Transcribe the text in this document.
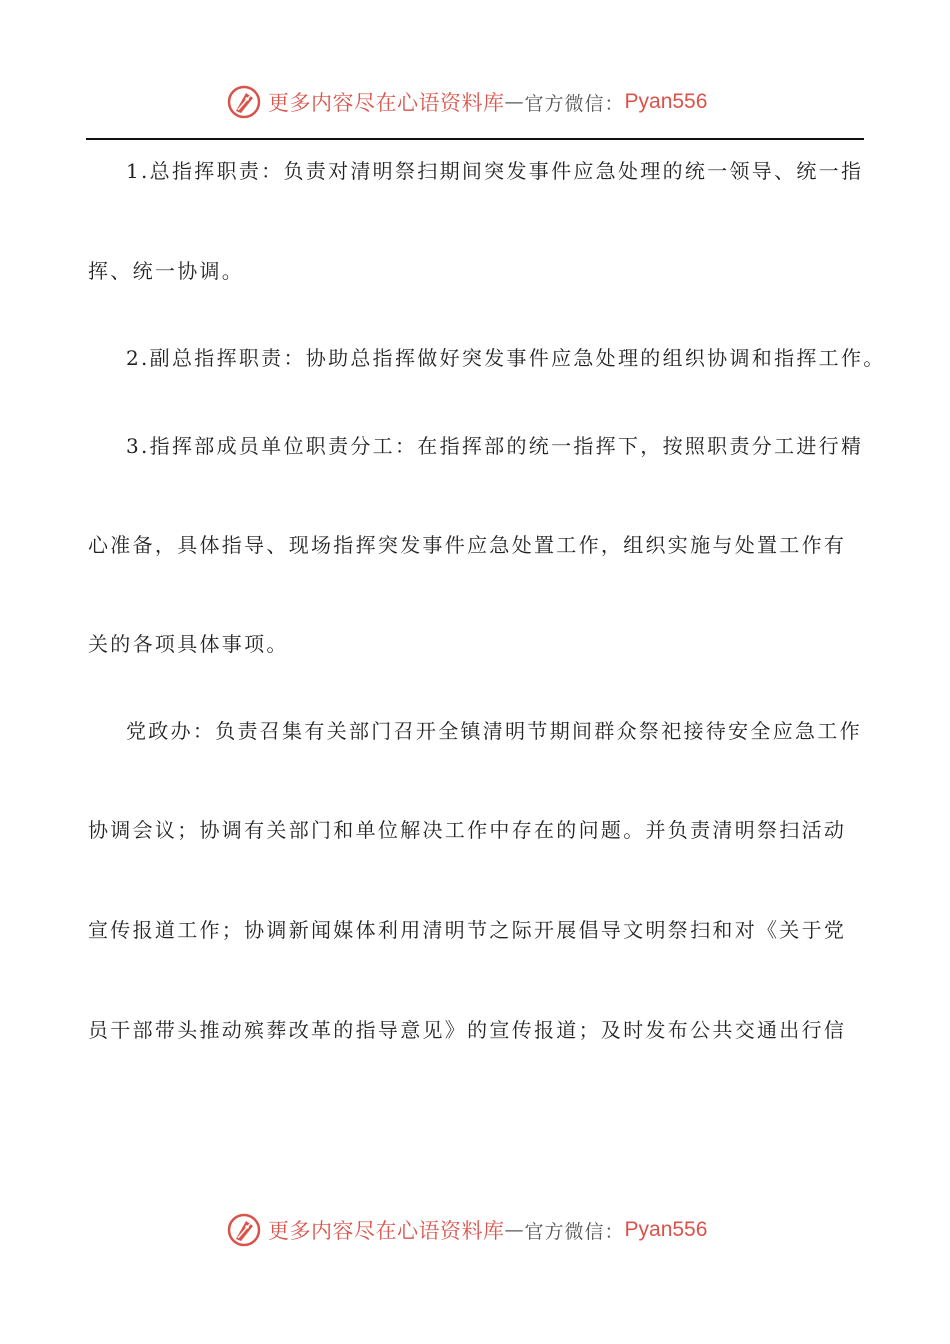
更多内容尽在心语资料库 — 官方微信： Pyan556
1.总指挥职责：负责对清明祭扫期间突发事件应急处理的统一领导、统一指
挥、统一协调。
2.副总指挥职责：协助总指挥做好突发事件应急处理的组织协调和指挥工作。
3.指挥部成员单位职责分工：在指挥部的统一指挥下，按照职责分工进行精
心准备，具体指导、现场指挥突发事件应急处置工作，组织实施与处置工作有
关的各项具体事项。
党政办：负责召集有关部门召开全镇清明节期间群众祭祀接待安全应急工作
协调会议；协调有关部门和单位解决工作中存在的问题。并负责清明祭扫活动
宣传报道工作；协调新闻媒体利用清明节之际开展倡导文明祭扫和对《关于党
员干部带头推动殡葬改革的指导意见》的宣传报道；及时发布公共交通出行信
更多内容尽在心语资料库 — 官方微信： Pyan556
